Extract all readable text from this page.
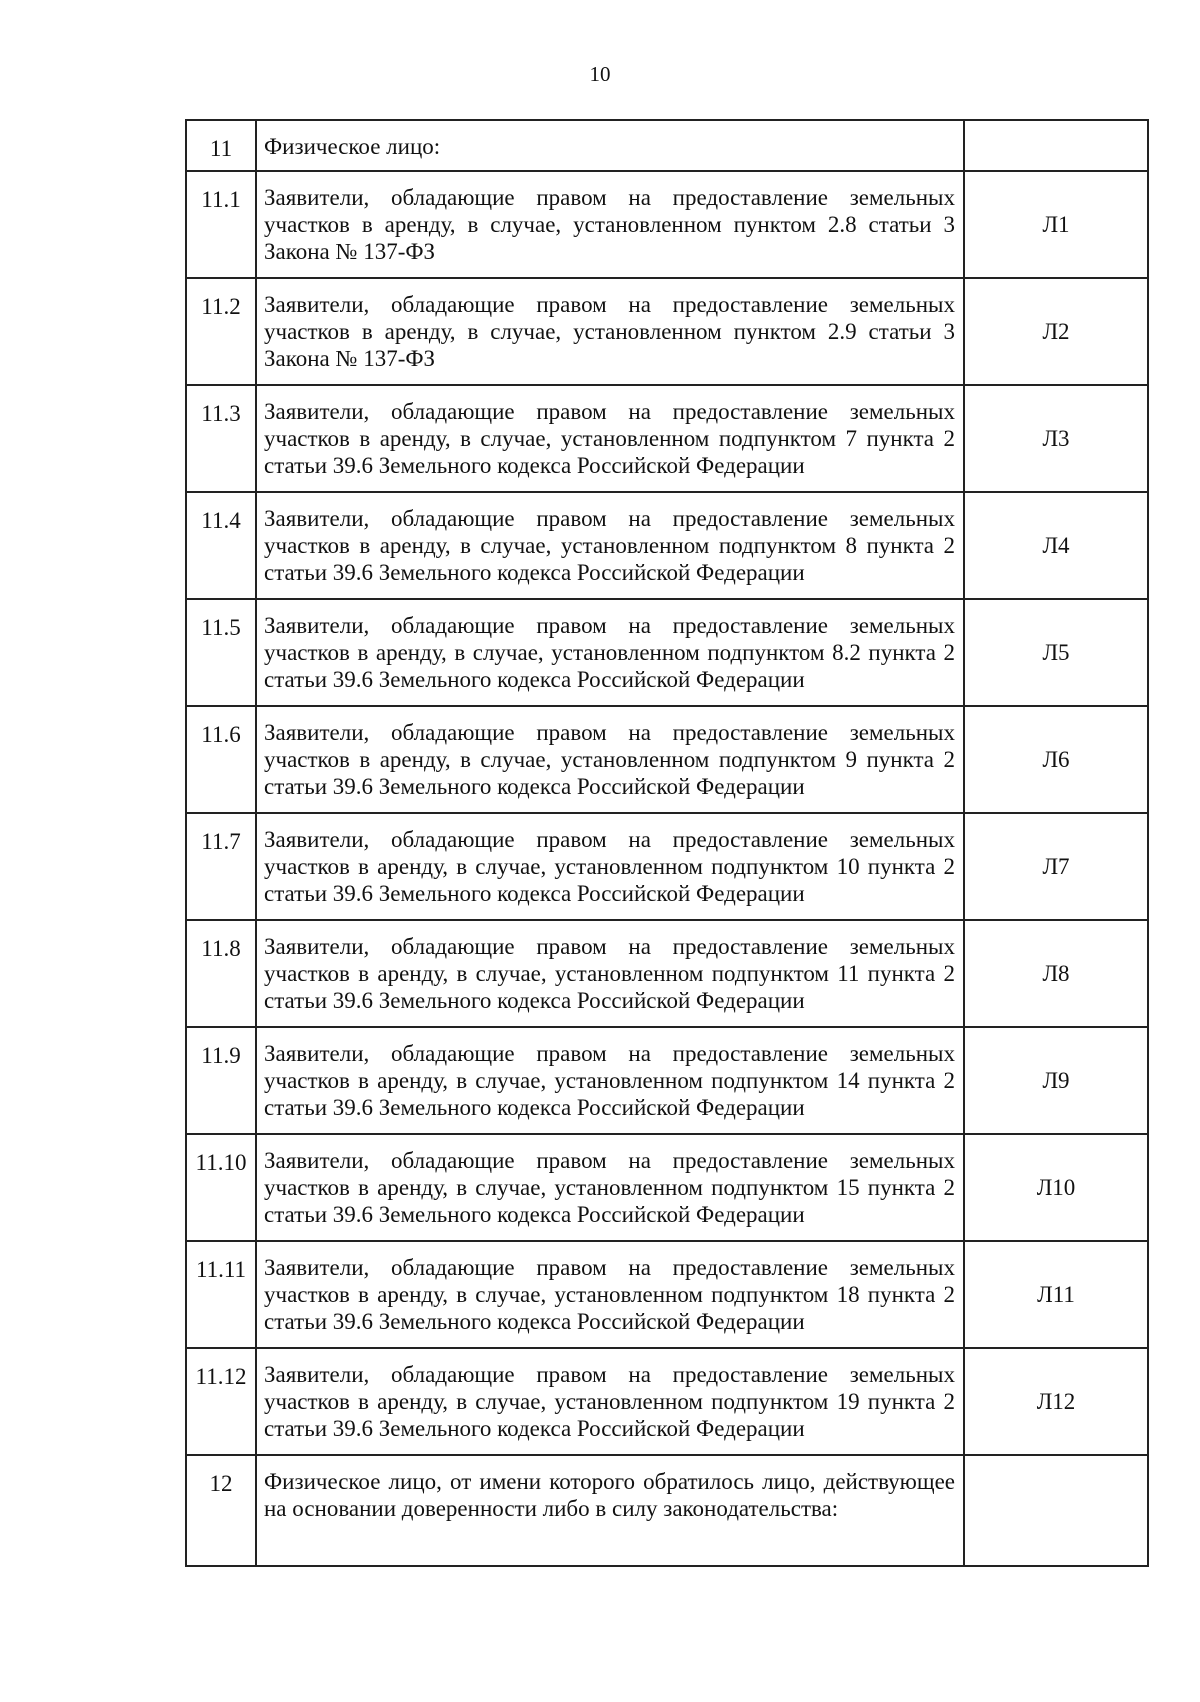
10
11	Физическое лицо:	
11.1	Заявители, обладающие правом на предоставление земельных участков в аренду, в случае, установленном пунктом 2.8 статьи 3 Закона № 137-ФЗ	Л1
11.2	Заявители, обладающие правом на предоставление земельных участков в аренду, в случае, установленном пунктом 2.9 статьи 3 Закона № 137-ФЗ	Л2
11.3	Заявители, обладающие правом на предоставление земельных участков в аренду, в случае, установленном подпунктом 7 пункта 2 статьи 39.6 Земельного кодекса Российской Федерации	Л3
11.4	Заявители, обладающие правом на предоставление земельных участков в аренду, в случае, установленном подпунктом 8 пункта 2 статьи 39.6 Земельного кодекса Российской Федерации	Л4
11.5	Заявители, обладающие правом на предоставление земельных участков в аренду, в случае, установленном подпунктом 8.2 пункта 2 статьи 39.6 Земельного кодекса Российской Федерации	Л5
11.6	Заявители, обладающие правом на предоставление земельных участков в аренду, в случае, установленном подпунктом 9 пункта 2 статьи 39.6 Земельного кодекса Российской Федерации	Л6
11.7	Заявители, обладающие правом на предоставление земельных участков в аренду, в случае, установленном подпунктом 10 пункта 2 статьи 39.6 Земельного кодекса Российской Федерации	Л7
11.8	Заявители, обладающие правом на предоставление земельных участков в аренду, в случае, установленном подпунктом 11 пункта 2 статьи 39.6 Земельного кодекса Российской Федерации	Л8
11.9	Заявители, обладающие правом на предоставление земельных участков в аренду, в случае, установленном подпунктом 14 пункта 2 статьи 39.6 Земельного кодекса Российской Федерации	Л9
11.10	Заявители, обладающие правом на предоставление земельных участков в аренду, в случае, установленном подпунктом 15 пункта 2 статьи 39.6 Земельного кодекса Российской Федерации	Л10
11.11	Заявители, обладающие правом на предоставление земельных участков в аренду, в случае, установленном подпунктом 18 пункта 2 статьи 39.6 Земельного кодекса Российской Федерации	Л11
11.12	Заявители, обладающие правом на предоставление земельных участков в аренду, в случае, установленном подпунктом 19 пункта 2 статьи 39.6 Земельного кодекса Российской Федерации	Л12
12	Физическое лицо, от имени которого обратилось лицо, действующее на основании доверенности либо в силу законодательства:	
